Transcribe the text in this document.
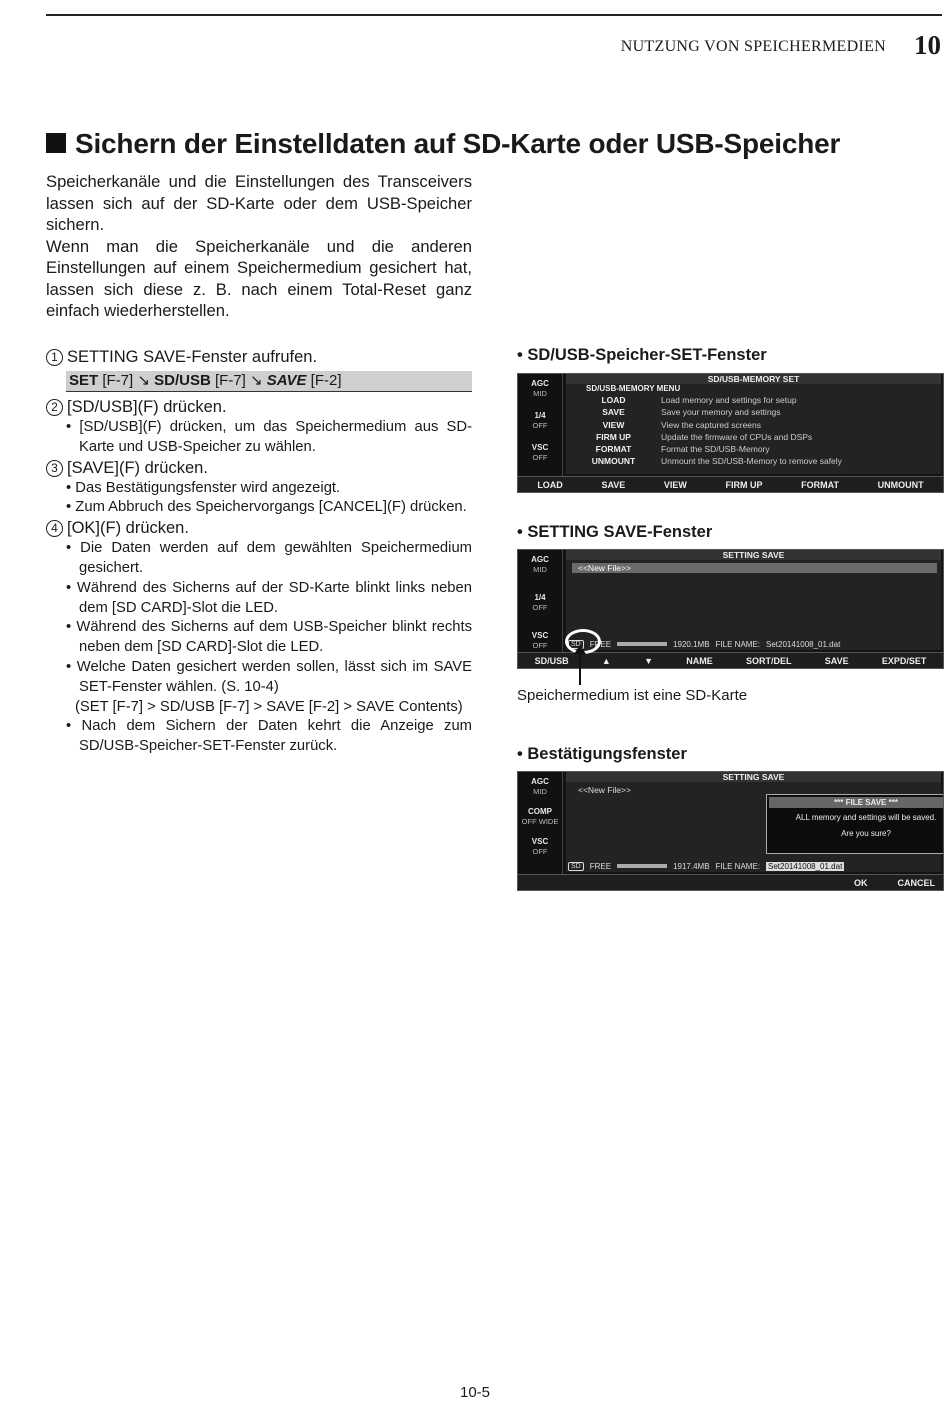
NUTZUNG VON SPEICHERMEDIEN 10
Sichern der Einstelldaten auf SD-Karte oder USB-Speicher

Speicherkanäle und die Einstellungen des Transceivers lassen sich auf der SD-Karte oder dem USB-Speicher sichern.

Wenn man die Speicherkanäle und die anderen Einstellungen auf einem Speichermedium gesichert hat, lassen sich diese z. B. nach einem Total-Reset ganz einfach wiederherstellen.

1 SETTING SAVE-Fenster aufrufen.

SET [F-7] ↘ SD/USB [F-7] ↘ SAVE [F-2]

2 [SD/USB](F) drücken.

• [SD/USB](F) drücken, um das Speichermedium aus SD-Karte und USB-Speicher zu wählen.

3 [SAVE](F) drücken.

• Das Bestätigungsfenster wird angezeigt.
• Zum Abbruch des Speichervorgangs [CANCEL](F) drücken.

4 [OK](F) drücken.

• Die Daten werden auf dem gewählten Speichermedium gesichert.
• Während des Sicherns auf der SD-Karte blinkt links neben dem [SD CARD]-Slot die LED.
• Während des Sicherns auf dem USB-Speicher blinkt rechts neben dem [SD CARD]-Slot die LED.
• Welche Daten gesichert werden sollen, lässt sich im SAVE SET-Fenster wählen. (S. 10-4)
(SET [F-7] > SD/USB [F-7] > SAVE [F-2] > SAVE Contents)
• Nach dem Sichern der Daten kehrt die Anzeige zum SD/USB-Speicher-SET-Fenster zurück.
• SD/USB-Speicher-SET-Fenster
AGC
MID
1/4
OFF
VSC
OFF
SD/USB-MEMORY SET
SD/USB-MEMORY MENU
LOAD	Load memory and settings for setup
SAVE	Save your memory and settings
VIEW	View the captured screens
FIRM UP	Update the firmware of CPUs and DSPs
FORMAT	Format the SD/USB-Memory
UNMOUNT	Unmount the SD/USB-Memory to remove safely
LOAD	SAVE	VIEW	FIRM UP	FORMAT	UNMOUNT
• SETTING SAVE-Fenster
AGC
MID
1/4
OFF
VSC
OFF
SETTING SAVE
<<New File>>
SD	FREE	1920.1MB FILE NAME: Set20141008_01.dat
SD/USB	▲	▼	NAME	SORT/DEL	SAVE	EXPD/SET
Speichermedium ist eine SD-Karte
• Bestätigungsfenster
AGC
MID
COMP
OFF WIDE
VSC
OFF
SETTING SAVE
<<New File>>
*** FILE SAVE ***

ALL memory and settings will be saved.

Are you sure?

SD	FREE	1917.4MB FILE NAME: Set20141008_01.dat
OK	CANCEL
10-5
